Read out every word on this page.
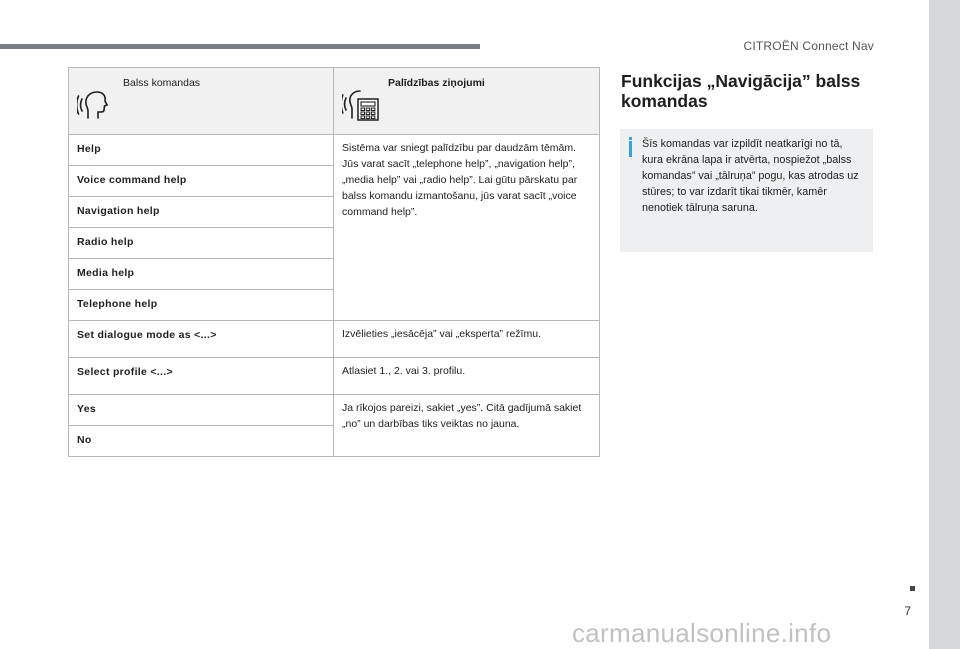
CITROËN Connect Nav
7
Balss komandas	Palīdzības ziņojumi

Help	Sistēma var sniegt palīdzību par daudzām tēmām. Jūs varat sacīt „telephone help”, „navigation help”, „media help” vai „radio help”. Lai gūtu pārskatu par balss komandu izmantošanu, jūs varat sacīt „voice command help”.
Voice command help	
Navigation help	
Radio help	
Media help	
Telephone help	
Set dialogue mode as <...>	Izvēlieties „iesācēja” vai „eksperta” režīmu.
Select profile <...>	Atlasiet 1., 2. vai 3. profilu.
Yes	Ja rīkojos pareizi, sakiet „yes”. Citā gadījumā sakiet „no” un darbības tiks veiktas no jauna.
No	
Funkcijas „Navigācija” balss komandas
Šīs komandas var izpildīt neatkarīgi no tā, kura ekrāna lapa ir atvērta, nospiežot „balss komandas” vai „tālruņa” pogu, kas atrodas uz stūres; to var izdarīt tikai tikmēr, kamēr nenotiek tālruņa saruna.
carmanualsonline.info
